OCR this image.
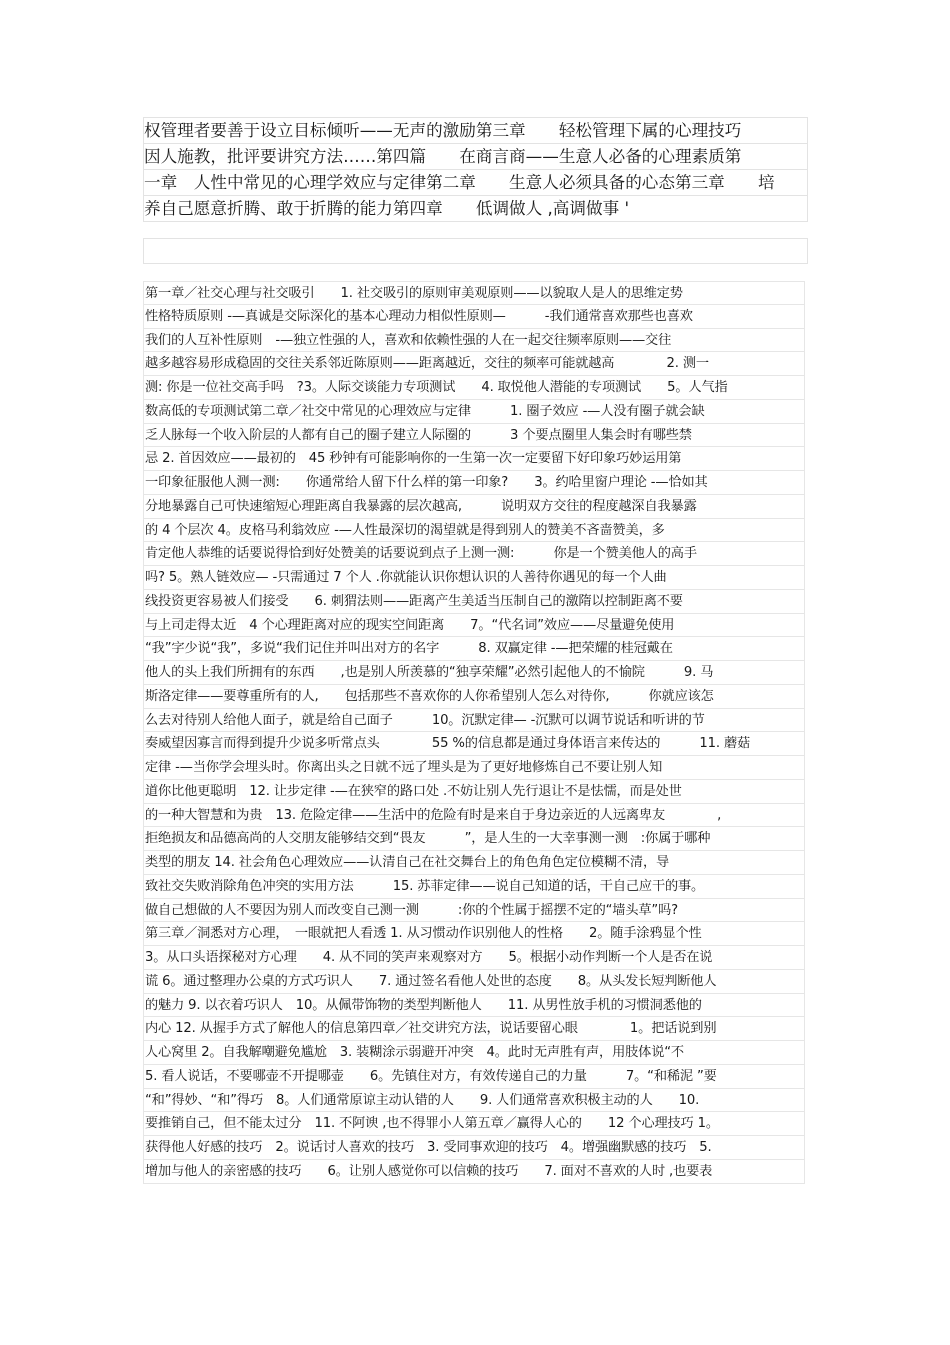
权管理者要善于设立目标倾听——无声的激励第三章　　轻松管理下属的心理技巧
因人施教，批评要讲究方法……第四篇　　在商言商——生意人必备的心理素质第
一章　人性中常见的心理学效应与定律第二章　　生意人必须具备的心态第三章　　培
养自己愿意折腾、敢于折腾的能力第四章　　低调做人 ,高调做事 '
第一章／社交心理与社交吸引　　1. 社交吸引的原则审美观原则——以貌取人是人的思维定势
性格特质原则 -—真诚是交际深化的基本心理动力相似性原则—　　　-我们通常喜欢那些也喜欢
我们的人互补性原则　-—独立性强的人，喜欢和依赖性强的人在一起交往频率原则——交往
越多越容易形成稳固的交往关系邻近陈原则——距离越近，交往的频率可能就越高　　　　2. 测一
测: 你是一位社交高手吗　?3。人际交谈能力专项测试　　4. 取悦他人潜能的专项测试　　5。人气指
数高低的专项测试第二章／社交中常见的心理效应与定律　　　1. 圈子效应 -—人没有圈子就会缺
乏人脉每一个收入阶层的人都有自己的圈子建立人际圈的　　　3 个要点圈里人集会时有哪些禁
忌 2. 首因效应——最初的　45 秒钟有可能影响你的一生第一次一定要留下好印象巧妙运用第
一印象征服他人测一测:　　你通常给人留下什么样的第一印象?　　3。约哈里窗户理论 -—恰如其
分地暴露自己可快速缩短心理距离自我暴露的层次越高,　　　说明双方交往的程度越深自我暴露
的 4 个层次 4。皮格马利翁效应 -—人性最深切的渴望就是得到别人的赞美不吝啬赞美，多
肯定他人恭维的话要说得恰到好处赞美的话要说到点子上测一测:　　　你是一个赞美他人的高手
吗? 5。熟人链效应— -只需通过 7 个人 .你就能认识你想认识的人善待你遇见的每一个人曲
线投资更容易被人们接受　　6. 刺猬法则——距离产生美适当压制自己的激隋以控制距离不要
与上司走得太近　4 个心理距离对应的现实空间距离　　7。“代名词”效应——尽量避免使用
“我”字少说“我”，多说“我们记住并叫出对方的名字　　　8. 双赢定律 -—把荣耀的桂冠戴在
他人的头上我们所拥有的东西　　,也是别人所羡慕的“独享荣耀”必然引起他人的不愉院　　　9. 马
斯洛定律——要尊重所有的人,　　包括那些不喜欢你的人你希望别人怎么对待你,　　　你就应该怎
么去对待别人给他人面子，就是给自己面子　　　10。沉默定律— -沉默可以调节说话和听讲的节
奏威望因寡言而得到提升少说多听常点头　　　　55 %的信息都是通过身体语言来传达的　　　11. 蘑菇
定律 -—当你学会埋头时。你离出头之日就不远了埋头是为了更好地修炼自己不要让别人知
道你比他更聪明　12. 让步定律 -—在狭窄的路口处 .不妨让别人先行退让不是怯懦，而是处世
的一种大智慧和为贵　13. 危险定律——生活中的危险有时是来自于身边亲近的人远离卑友　　　　,
拒绝损友和品德高尚的人交朋友能够结交到“畏友　　　”，是人生的一大幸事测一测　:你属于哪种
类型的朋友 14. 社会角色心理效应——认清自己在社交舞台上的角色角色定位模糊不清，导
致社交失败消除角色冲突的实用方法　　　15. 苏菲定律——说自己知道的话，干自己应干的事。
做自己想做的人不要因为别人而改变自己测一测　　　:你的个性属于摇摆不定的“墙头草”吗?
第三章／洞悉对方心理，　一眼就把人看透 1. 从习惯动作识别他人的性格　　2。随手涂鸦显个性
3。从口头语探秘对方心理　　4. 从不同的笑声来观察对方　　5。根据小动作判断一个人是否在说
谎 6。通过整理办公桌的方式巧识人　　7. 通过签名看他人处世的态度　　8。从头发长短判断他人
的魅力 9. 以衣着巧识人　10。从佩带饰物的类型判断他人　　11. 从男性放手机的习惯洞悉他的
内心 12. 从握手方式了解他人的信息第四章／社交讲究方法，说话要留心眼　　　　1。把话说到别
人心窝里 2。自我解嘲避免尴尬　3. 装糊涂示弱避开冲突　4。此时无声胜有声，用肢体说“不
5. 看人说话，不要哪壶不开提哪壶　　6。先镇住对方，有效传递自己的力量　　　7。“和稀泥 ”要
“和”得妙、“和”得巧　8。人们通常原谅主动认错的人　　9. 人们通常喜欢积极主动的人　　10.
要推销自己，但不能太过分　11. 不阿谀 ,也不得罪小人第五章／赢得人心的　　12 个心理技巧 1。
获得他人好感的技巧　2。说话讨人喜欢的技巧　3. 受同事欢迎的技巧　4。增强幽默感的技巧　5.
增加与他人的亲密感的技巧　　6。让别人感觉你可以信赖的技巧　　7. 面对不喜欢的人时 ,也要表
